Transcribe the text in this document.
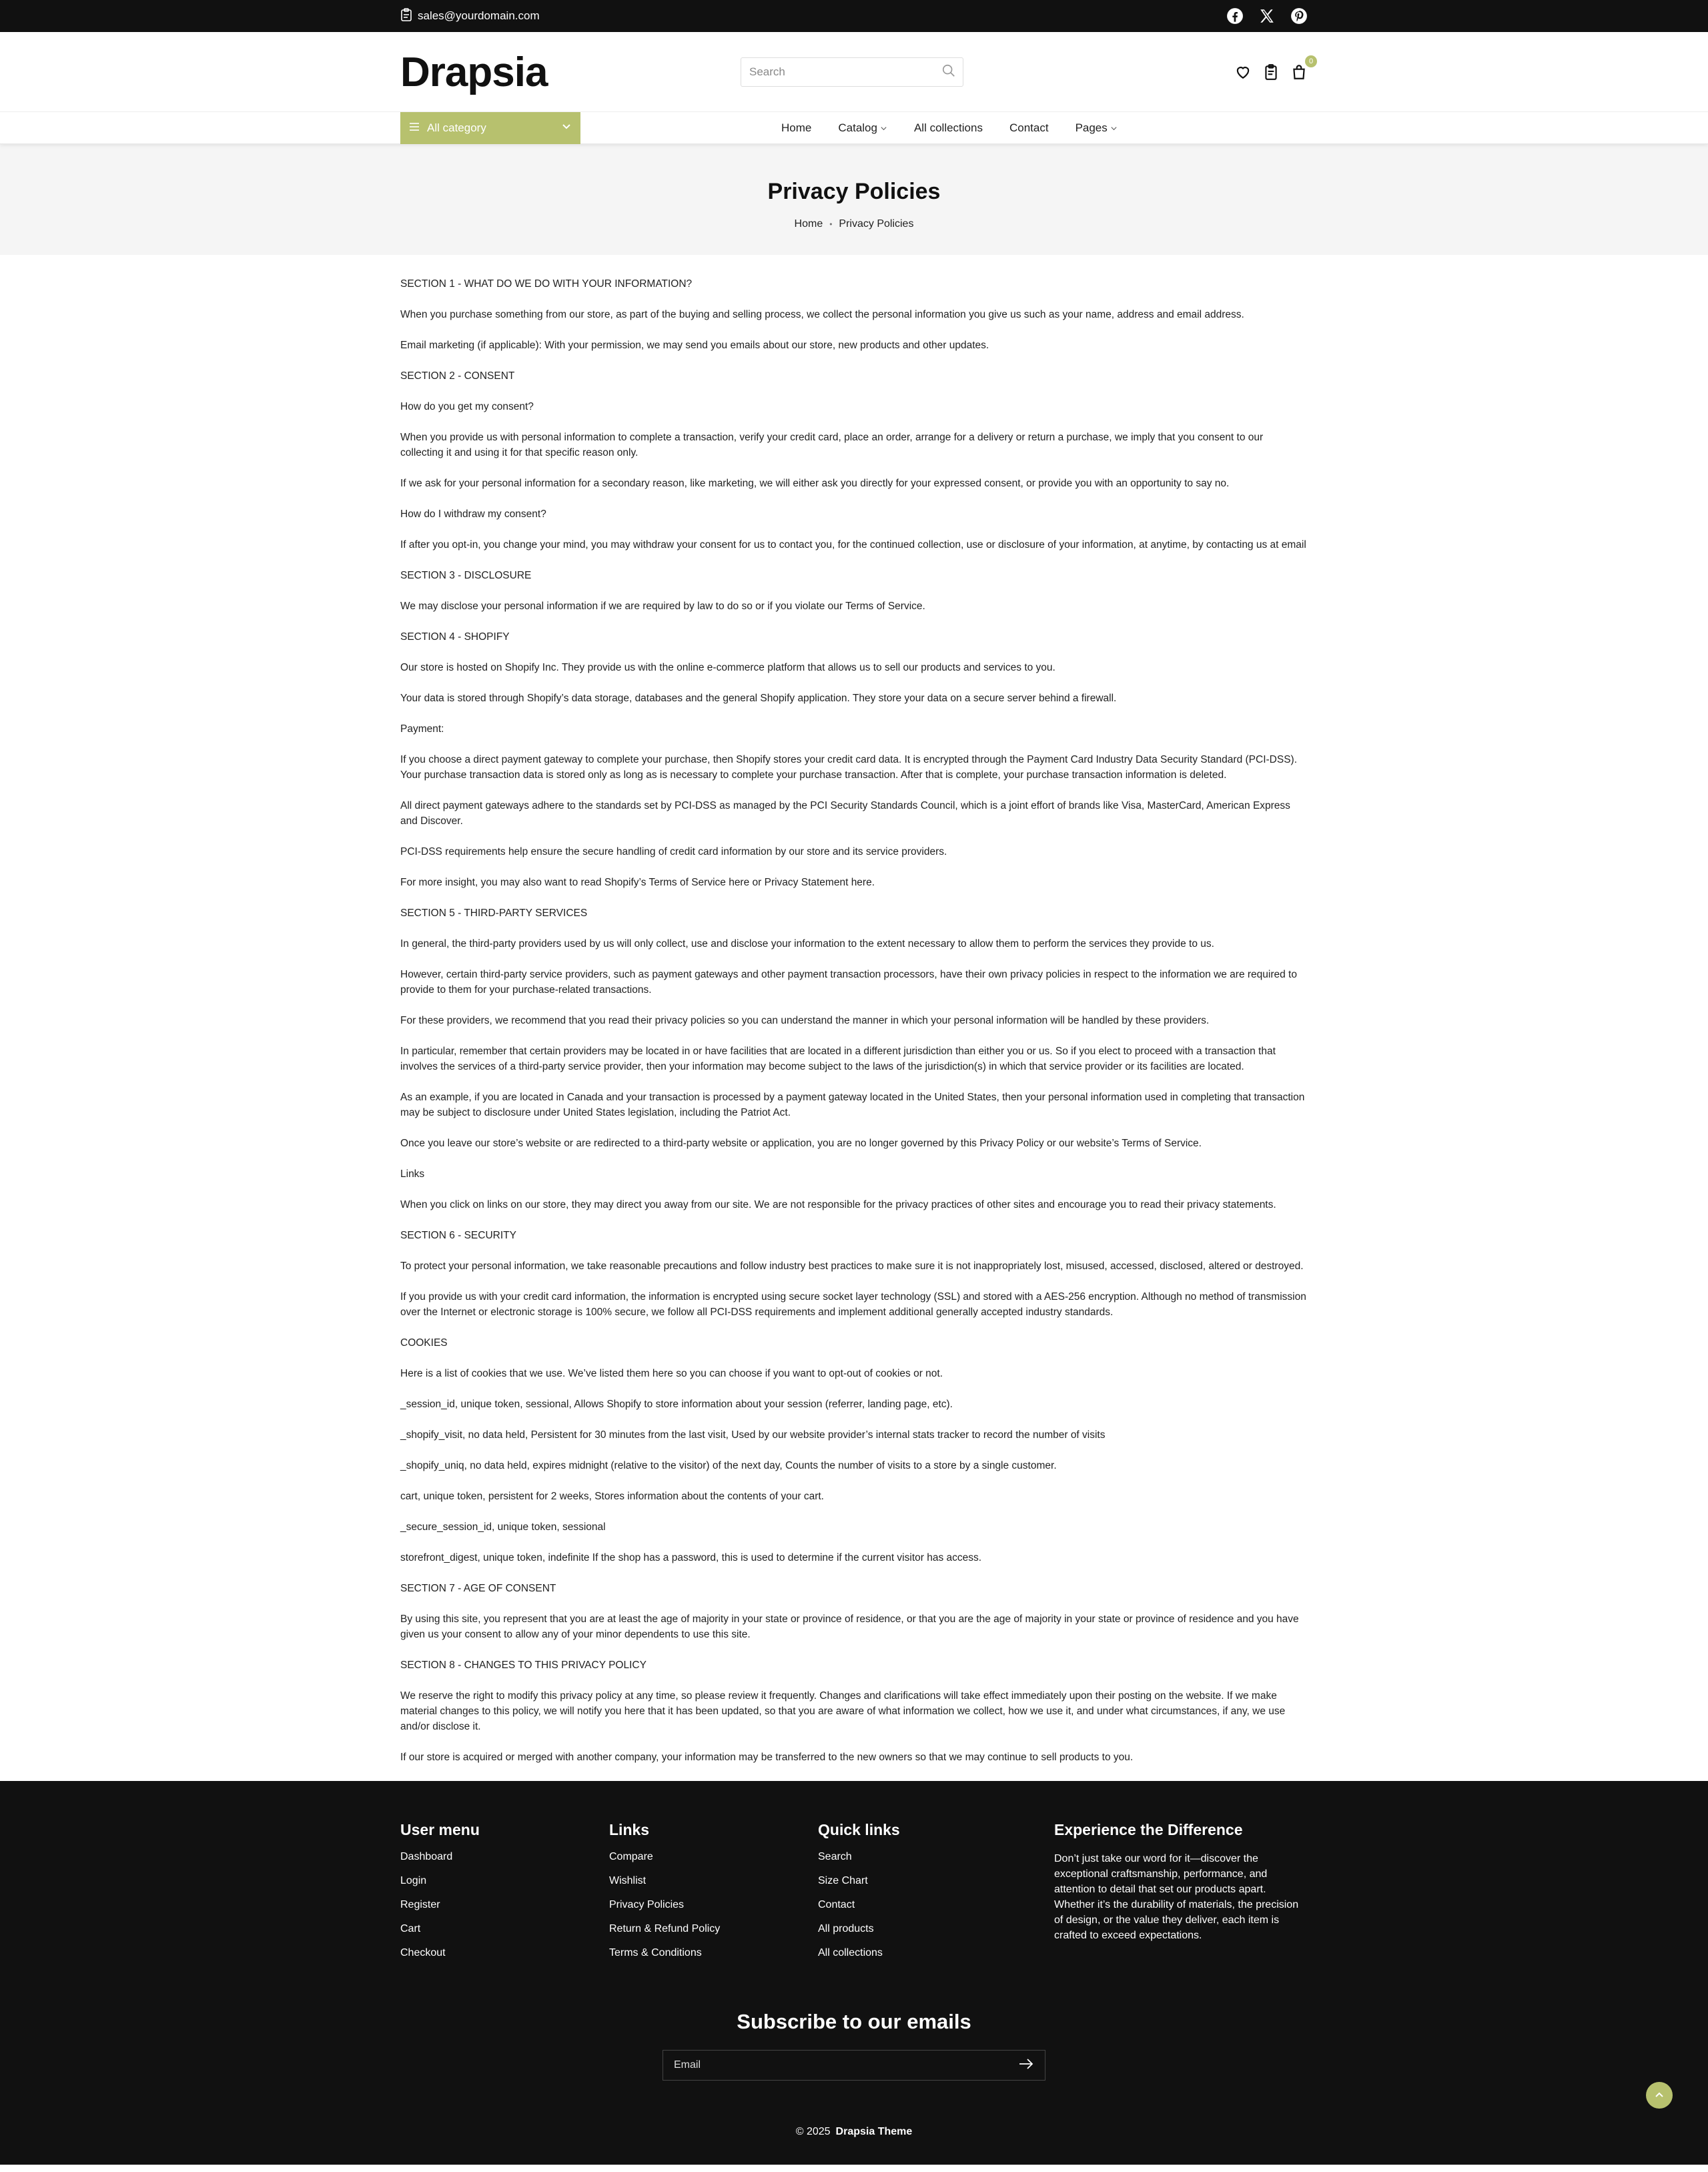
sales@yourdomain.com
Drapsia
Search	0
All category	Home Catalog	All collections Contact Pages
Privacy Policies
Home • Privacy Policies

SECTION 1 - WHAT DO WE DO WITH YOUR INFORMATION?

When you purchase something from our store, as part of the buying and selling process, we collect the personal information you give us such as your name, address and email address.

Email marketing (if applicable): With your permission, we may send you emails about our store, new products and other updates.

SECTION 2 - CONSENT

How do you get my consent?

When you provide us with personal information to complete a transaction, verify your credit card, place an order, arrange for a delivery or return a purchase, we imply that you consent to our collecting it and using it for that specific reason only.

If we ask for your personal information for a secondary reason, like marketing, we will either ask you directly for your expressed consent, or provide you with an opportunity to say no.

How do I withdraw my consent?

If after you opt-in, you change your mind, you may withdraw your consent for us to contact you, for the continued collection, use or disclosure of your information, at anytime, by contacting us at email

SECTION 3 - DISCLOSURE

We may disclose your personal information if we are required by law to do so or if you violate our Terms of Service.

SECTION 4 - SHOPIFY

Our store is hosted on Shopify Inc. They provide us with the online e-commerce platform that allows us to sell our products and services to you.

Your data is stored through Shopify’s data storage, databases and the general Shopify application. They store your data on a secure server behind a firewall.

Payment:

If you choose a direct payment gateway to complete your purchase, then Shopify stores your credit card data. It is encrypted through the Payment Card Industry Data Security Standard (PCI-DSS). Your purchase transaction data is stored only as long as is necessary to complete your purchase transaction. After that is complete, your purchase transaction information is deleted.

All direct payment gateways adhere to the standards set by PCI-DSS as managed by the PCI Security Standards Council, which is a joint effort of brands like Visa, MasterCard, American Express and Discover.

PCI-DSS requirements help ensure the secure handling of credit card information by our store and its service providers.

For more insight, you may also want to read Shopify’s Terms of Service here or Privacy Statement here.

SECTION 5 - THIRD-PARTY SERVICES

In general, the third-party providers used by us will only collect, use and disclose your information to the extent necessary to allow them to perform the services they provide to us.

However, certain third-party service providers, such as payment gateways and other payment transaction processors, have their own privacy policies in respect to the information we are required to provide to them for your purchase-related transactions.

For these providers, we recommend that you read their privacy policies so you can understand the manner in which your personal information will be handled by these providers.

In particular, remember that certain providers may be located in or have facilities that are located in a different jurisdiction than either you or us. So if you elect to proceed with a transaction that involves the services of a third-party service provider, then your information may become subject to the laws of the jurisdiction(s) in which that service provider or its facilities are located.

As an example, if you are located in Canada and your transaction is processed by a payment gateway located in the United States, then your personal information used in completing that transaction may be subject to disclosure under United States legislation, including the Patriot Act.

Once you leave our store’s website or are redirected to a third-party website or application, you are no longer governed by this Privacy Policy or our website’s Terms of Service.

Links

When you click on links on our store, they may direct you away from our site. We are not responsible for the privacy practices of other sites and encourage you to read their privacy statements.

SECTION 6 - SECURITY

To protect your personal information, we take reasonable precautions and follow industry best practices to make sure it is not inappropriately lost, misused, accessed, disclosed, altered or destroyed.

If you provide us with your credit card information, the information is encrypted using secure socket layer technology (SSL) and stored with a AES-256 encryption. Although no method of transmission over the Internet or electronic storage is 100% secure, we follow all PCI-DSS requirements and implement additional generally accepted industry standards.

COOKIES

Here is a list of cookies that we use. We’ve listed them here so you can choose if you want to opt-out of cookies or not.

_session_id, unique token, sessional, Allows Shopify to store information about your session (referrer, landing page, etc).

_shopify_visit, no data held, Persistent for 30 minutes from the last visit, Used by our website provider’s internal stats tracker to record the number of visits

_shopify_uniq, no data held, expires midnight (relative to the visitor) of the next day, Counts the number of visits to a store by a single customer.

cart, unique token, persistent for 2 weeks, Stores information about the contents of your cart.

_secure_session_id, unique token, sessional

storefront_digest, unique token, indefinite If the shop has a password, this is used to determine if the current visitor has access.

SECTION 7 - AGE OF CONSENT

By using this site, you represent that you are at least the age of majority in your state or province of residence, or that you are the age of majority in your state or province of residence and you have given us your consent to allow any of your minor dependents to use this site.

SECTION 8 - CHANGES TO THIS PRIVACY POLICY

We reserve the right to modify this privacy policy at any time, so please review it frequently. Changes and clarifications will take effect immediately upon their posting on the website. If we make material changes to this policy, we will notify you here that it has been updated, so that you are aware of what information we collect, how we use it, and under what circumstances, if any, we use and/or disclose it.

If our store is acquired or merged with another company, your information may be transferred to the new owners so that we may continue to sell products to you.

User menu
Dashboard
Login
Register
Cart
Checkout
Links
Compare
Wishlist
Privacy Policies
Return & Refund Policy
Terms & Conditions
Quick links
Search
Size Chart
Contact
All products
All collections
Experience the Difference

Don’t just take our word for it—discover the exceptional craftsmanship, performance, and attention to detail that set our products apart. Whether it’s the durability of materials, the precision of design, or the value they deliver, each item is crafted to exceed expectations.

Subscribe to our emails
Email
© 2025 Drapsia Theme
